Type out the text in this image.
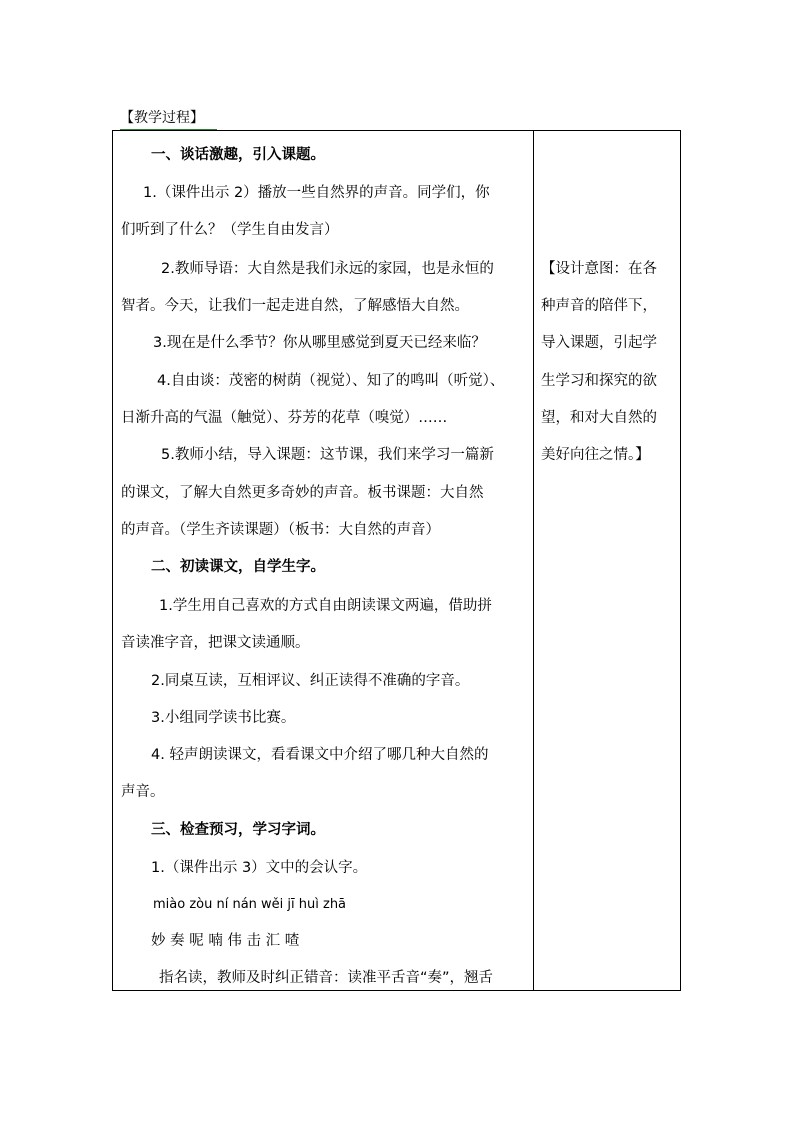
【教学过程】
一、谈话激趣，引入课题。
1.（课件出示 2）播放一些自然界的声音。同学们，你
们听到了什么？（学生自由发言）
2.教师导语：大自然是我们永远的家园，也是永恒的
智者。今天，让我们一起走进自然，了解感悟大自然。
3.现在是什么季节？你从哪里感觉到夏天已经来临？
4.自由谈：茂密的树荫（视觉）、知了的鸣叫（听觉）、
日渐升高的气温（触觉）、芬芳的花草（嗅觉）……
5.教师小结，导入课题：这节课，我们来学习一篇新
的课文，了解大自然更多奇妙的声音。板书课题：大自然
的声音。（学生齐读课题）（板书：大自然的声音）
二、初读课文，自学生字。
1.学生用自己喜欢的方式自由朗读课文两遍，借助拼
音读准字音，把课文读通顺。
2.同桌互读，互相评议、纠正读得不准确的字音。
3.小组同学读书比赛。
4. 轻声朗读课文，看看课文中介绍了哪几种大自然的
声音。
三、检查预习，学习字词。
1.（课件出示 3）文中的会认字。
miào zòu ní nán wěi jī huì zhā
妙 奏 呢 喃 伟 击 汇 喳
指名读，教师及时纠正错音：读准平舌音“奏”，翘舌
【设计意图：在各
种声音的陪伴下，
导入课题，引起学
生学习和探究的欲
望，和对大自然的
美好向往之情。】
